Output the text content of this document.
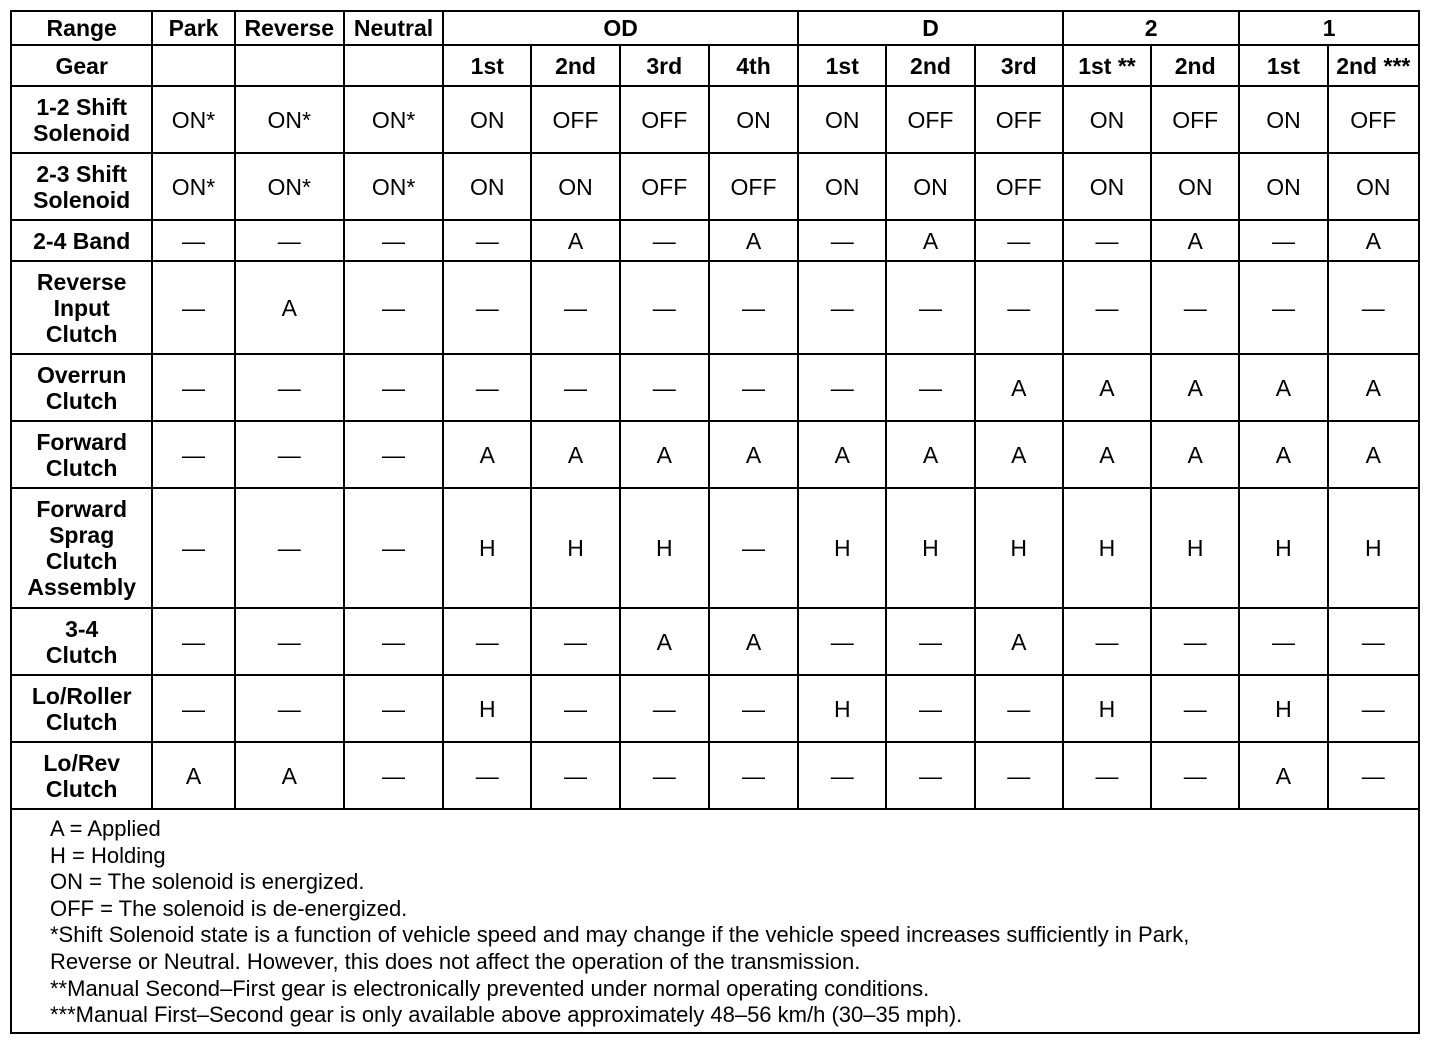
Range	Park	Reverse	Neutral	OD				D			2		1	
Gear				1st	2nd	3rd	4th	1st	2nd	3rd	1st **	2nd	1st	2nd ***

1-2 Shift
Solenoid	ON*	ON*	ON*	ON	OFF	OFF	ON	ON	OFF	OFF	ON	OFF	ON	OFF

2-3 Shift
Solenoid	ON*	ON*	ON*	ON	ON	OFF	OFF	ON	ON	OFF	ON	ON	ON	ON

2-4 Band	—	—	—	—	A	—	A	—	A	—	—	A	—	A

Reverse
Input
Clutch	—	A	—	—	—	—	—	—	—	—	—	—	—	—

Overrun
Clutch	—	—	—	—	—	—	—	—	—	A	A	A	A	A

Forward
Clutch	—	—	—	A	A	A	A	A	A	A	A	A	A	A

Forward
Sprag
Clutch
Assembly	—	—	—	H	H	H	—	H	H	H	H	H	H	H

3-4
Clutch	—	—	—	—	—	A	A	—	—	A	—	—	—	—

Lo/Roller
Clutch	—	—	—	H	—	—	—	H	—	—	H	—	H	—

Lo/Rev
Clutch	A	A	—	—	—	—	—	—	—	—	—	—	A	—
A = Applied
H = Holding
ON = The solenoid is energized.
OFF = The solenoid is de-energized.
*Shift Solenoid state is a function of vehicle speed and may change if the vehicle speed increases sufficiently in Park,
Reverse or Neutral. However, this does not affect the operation of the transmission.
**Manual Second–First gear is electronically prevented under normal operating conditions.
***Manual First–Second gear is only available above approximately 48–56 km/h (30–35 mph).
